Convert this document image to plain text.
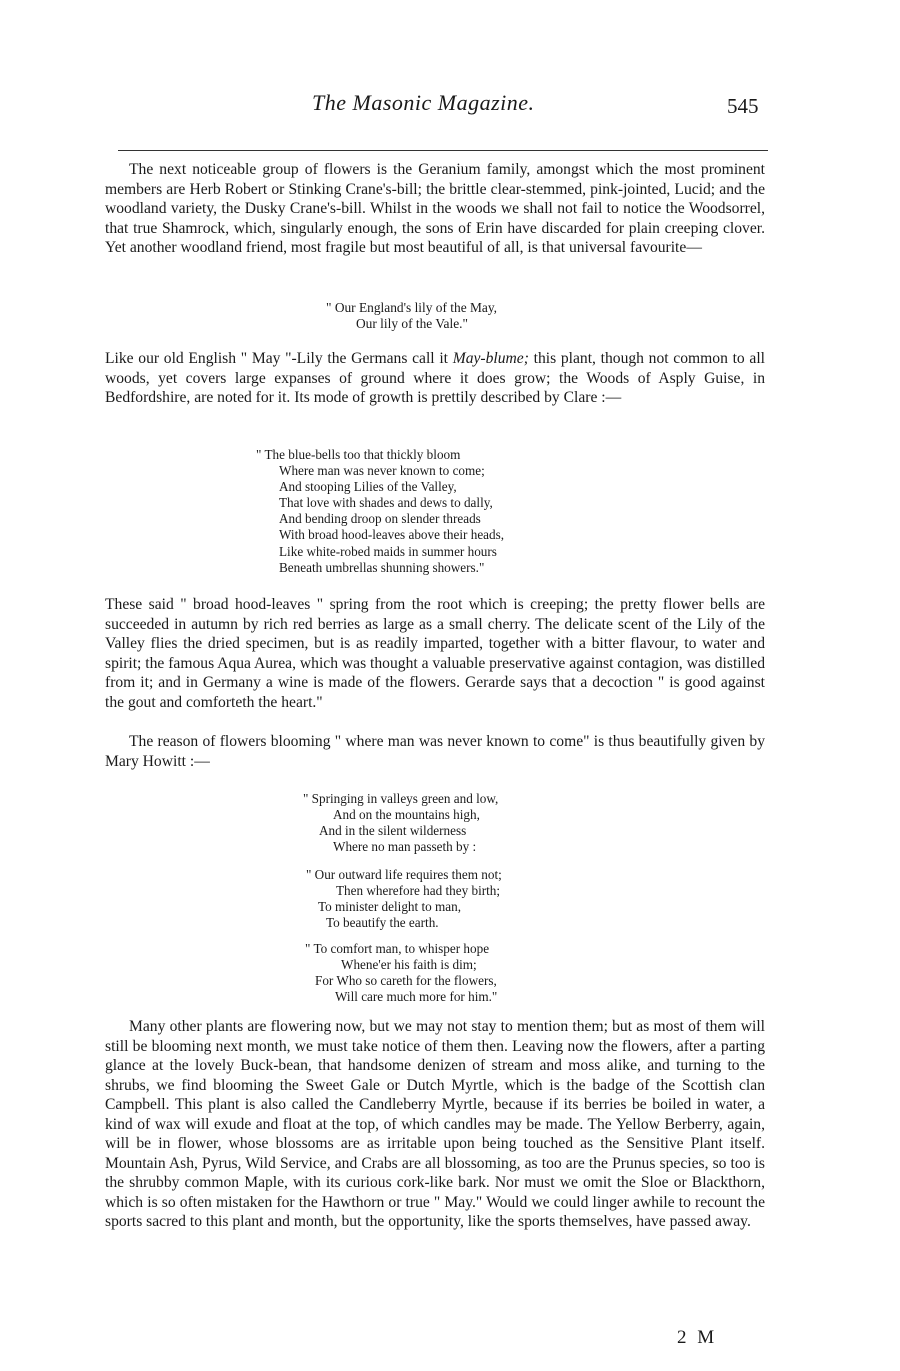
The Masonic Magazine.	545

The next noticeable group of flowers is the Geranium family, amongst which the most prominent members are Herb Robert or Stinking Crane's-bill; the brittle clear-stemmed, pink-jointed, Lucid; and the woodland variety, the Dusky Crane's-bill. Whilst in the woods we shall not fail to notice the Woodsorrel, that true Shamrock, which, singularly enough, the sons of Erin have discarded for plain creeping clover. Yet another woodland friend, most fragile but most beautiful of all, is that universal favourite—

" Our England's lily of the May,
Our lily of the Vale."

Like our old English " May "-Lily the Germans call it May-blume; this plant, though not common to all woods, yet covers large expanses of ground where it does grow; the Woods of Asply Guise, in Bedfordshire, are noted for it. Its mode of growth is prettily described by Clare :—

" The blue-bells too that thickly bloom
Where man was never known to come;
And stooping Lilies of the Valley,
That love with shades and dews to dally,
And bending droop on slender threads
With broad hood-leaves above their heads,
Like white-robed maids in summer hours
Beneath umbrellas shunning showers."

These said " broad hood-leaves " spring from the root which is creeping; the pretty flower bells are succeeded in autumn by rich red berries as large as a small cherry. The delicate scent of the Lily of the Valley flies the dried specimen, but is as readily imparted, together with a bitter flavour, to water and spirit; the famous Aqua Aurea, which was thought a valuable preservative against contagion, was distilled from it; and in Germany a wine is made of the flowers. Gerarde says that a decoction " is good against the gout and comforteth the heart."

The reason of flowers blooming " where man was never known to come" is thus beautifully given by Mary Howitt :—

" Springing in valleys green and low,
And on the mountains high,
And in the silent wilderness
Where no man passeth by :
" Our outward life requires them not;
Then wherefore had they birth;
To minister delight to man,
To beautify the earth.
" To comfort man, to whisper hope
Whene'er his faith is dim;
For Who so careth for the flowers,
Will care much more for him."

Many other plants are flowering now, but we may not stay to mention them; but as most of them will still be blooming next month, we must take notice of them then. Leaving now the flowers, after a parting glance at the lovely Buck-bean, that handsome denizen of stream and moss alike, and turning to the shrubs, we find blooming the Sweet Gale or Dutch Myrtle, which is the badge of the Scottish clan Campbell. This plant is also called the Candleberry Myrtle, because if its berries be boiled in water, a kind of wax will exude and float at the top, of which candles may be made. The Yellow Berberry, again, will be in flower, whose blossoms are as irritable upon being touched as the Sensitive Plant itself. Mountain Ash, Pyrus, Wild Service, and Crabs are all blossoming, as too are the Prunus species, so too is the shrubby common Maple, with its curious cork-like bark. Nor must we omit the Sloe or Blackthorn, which is so often mistaken for the Hawthorn or true " May." Would we could linger awhile to recount the sports sacred to this plant and month, but the opportunity, like the sports themselves, have passed away.

2 M
